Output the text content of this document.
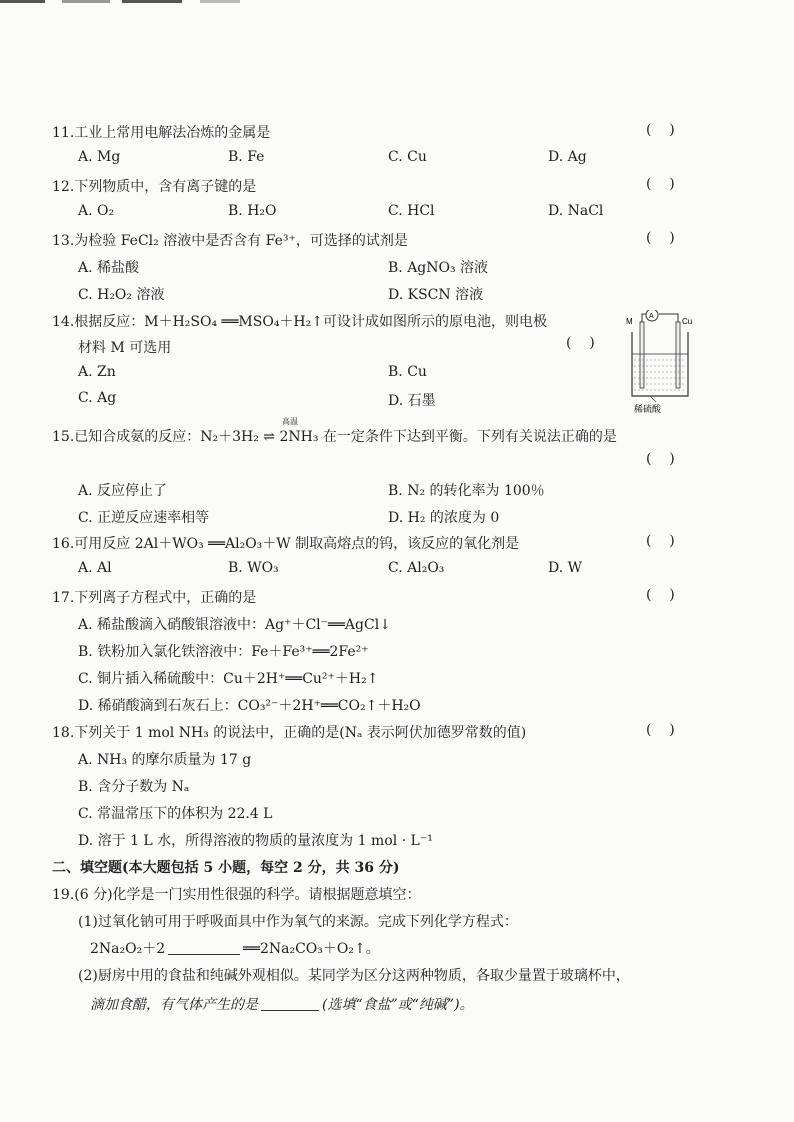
11.工业上常用电解法冶炼的金属是	(    )
A. Mg	B. Fe	C. Cu	D. Ag
12.下列物质中，含有离子键的是	(    )
A. O₂	B. H₂O	C. HCl	D. NaCl
13.为检验 FeCl₂ 溶液中是否含有 Fe³⁺，可选择的试剂是	(    )
A. 稀盐酸	B. AgNO₃ 溶液
C. H₂O₂ 溶液	D. KSCN 溶液
14.根据反应：M＋H₂SO₄ ══MSO₄＋H₂↑可设计成如图所示的原电池，则电极
材料 M 可选用	(    )
A. Zn	B. Cu
C. Ag	D. 石墨
M
A
Cu
稀硫酸
高温
15.已知合成氨的反应：N₂＋3H₂ ⇌ 2NH₃ 在一定条件下达到平衡。下列有关说法正确的是
(    )
A. 反应停止了	B. N₂ 的转化率为 100％
C. 正逆反应速率相等	D. H₂ 的浓度为 0
16.可用反应 2Al＋WO₃ ══Al₂O₃＋W 制取高熔点的钨，该反应的氧化剂是	(    )
A. Al	B. WO₃	C. Al₂O₃	D. W
17.下列离子方程式中，正确的是	(    )
A. 稀盐酸滴入硝酸银溶液中：Ag⁺＋Cl⁻══AgCl↓
B. 铁粉加入氯化铁溶液中：Fe＋Fe³⁺══2Fe²⁺
C. 铜片插入稀硫酸中：Cu＋2H⁺══Cu²⁺＋H₂↑
D. 稀硝酸滴到石灰石上：CO₃²⁻＋2H⁺══CO₂↑＋H₂O
18.下列关于 1 mol NH₃ 的说法中，正确的是(Nₐ 表示阿伏加德罗常数的值)	(    )
A. NH₃ 的摩尔质量为 17 g
B. 含分子数为 Nₐ
C. 常温常压下的体积为 22.4 L
D. 溶于 1 L 水，所得溶液的物质的量浓度为 1 mol · L⁻¹
二、填空题(本大题包括 5 小题，每空 2 分，共 36 分)
19.(6 分)化学是一门实用性很强的科学。请根据题意填空：
(1)过氧化钠可用于呼吸面具中作为氧气的来源。完成下列化学方程式：
2Na₂O₂＋2	══2Na₂CO₃＋O₂↑。
(2)厨房中用的食盐和纯碱外观相似。某同学为区分这两种物质，各取少量置于玻璃杯中，
滴加食醋，有气体产生的是	(选填“食盐”或“纯碱”)。
